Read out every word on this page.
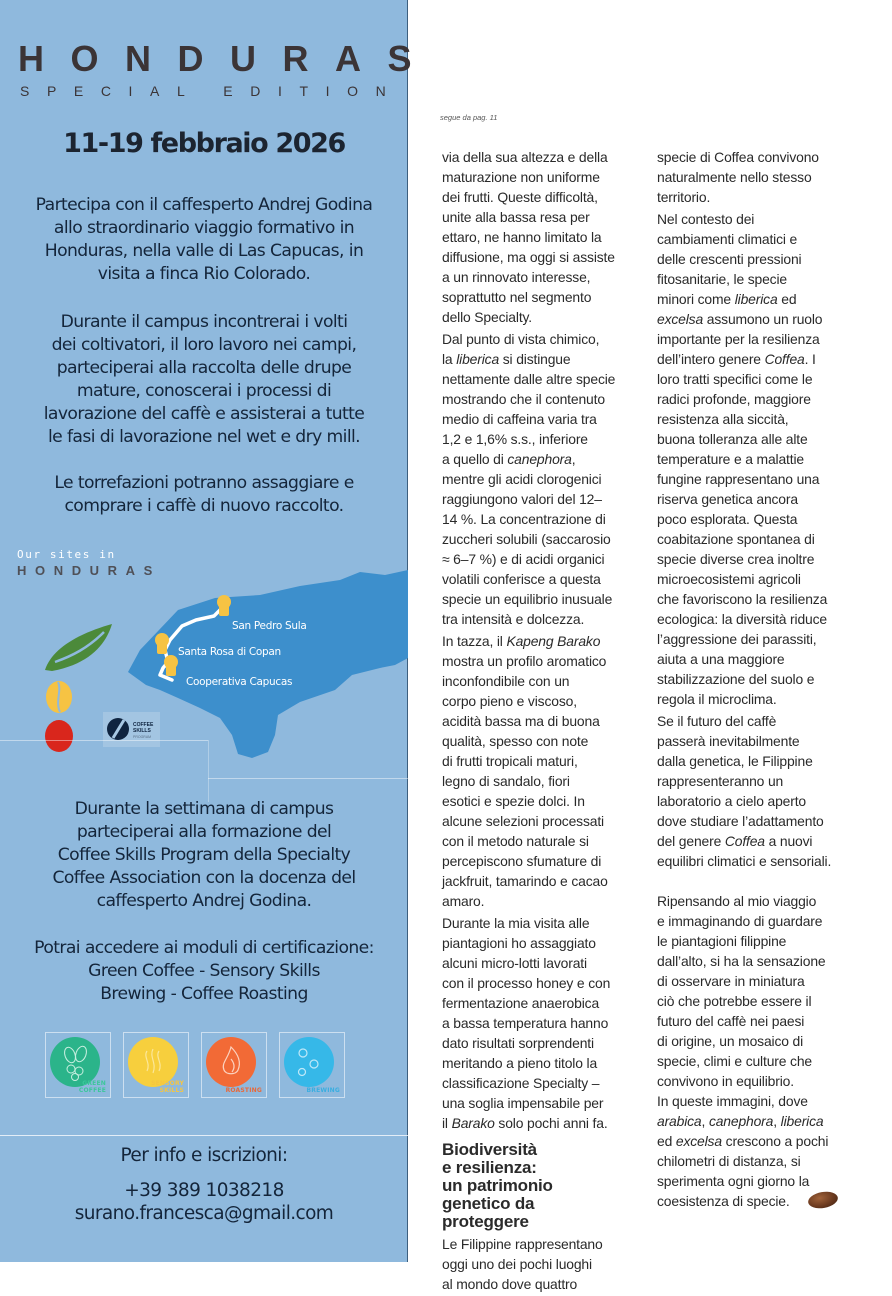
HONDURAS
SPECIAL EDITION
11-19 febbraio 2026
Partecipa con il caffesperto Andrej Godina
allo straordinario viaggio formativo in
Honduras, nella valle di Las Capucas, in
visita a finca Rio Colorado.
Durante il campus incontrerai i volti
dei coltivatori, il loro lavoro nei campi,
parteciperai alla raccolta delle drupe
mature, conoscerai i processi di
lavorazione del caffè e assisterai a tutte
le fasi di lavorazione nel wet e dry mill.
Le torrefazioni potranno assaggiare e
comprare i caffè di nuovo raccolto.
COFFEE
SKILLS
PROGRAM
Our sites in
HONDURAS
San Pedro Sula
Santa Rosa di Copan
Cooperativa Capucas
Durante la settimana di campus
parteciperai alla formazione del
Coffee Skills Program della Specialty
Coffee Association con la docenza del
caffesperto Andrej Godina.
Potrai accedere ai moduli di certificazione:
Green Coffee - Sensory Skills
Brewing - Coffee Roasting
GREEN
COFFEE
SENSORY
SKILLS	ROASTING	BREWING
Per info e iscrizioni:
+39 389 1038218
surano.francesca@gmail.com
segue da pag. 11

via della sua altezza e della
maturazione non uniforme
dei frutti. Queste difficoltà,
unite alla bassa resa per
ettaro, ne hanno limitato la
diffusione, ma oggi si assiste
a un rinnovato interesse,
soprattutto nel segmento
dello Specialty.

Dal punto di vista chimico,
la liberica si distingue
nettamente dalle altre specie
mostrando che il contenuto
medio di caffeina varia tra
1,2 e 1,6% s.s., inferiore
a quello di canephora,
mentre gli acidi clorogenici
raggiungono valori del 12–
14 %. La concentrazione di
zuccheri solubili (saccarosio
≈ 6–7 %) e di acidi organici
volatili conferisce a questa
specie un equilibrio inusuale
tra intensità e dolcezza.

In tazza, il Kapeng Barako
mostra un profilo aromatico
inconfondibile con un
corpo pieno e viscoso,
acidità bassa ma di buona
qualità, spesso con note
di frutti tropicali maturi,
legno di sandalo, fiori
esotici e spezie dolci. In
alcune selezioni processati
con il metodo naturale si
percepiscono sfumature di
jackfruit, tamarindo e cacao
amaro.

Durante la mia visita alle
piantagioni ho assaggiato
alcuni micro-lotti lavorati
con il processo honey e con
fermentazione anaerobica
a bassa temperatura hanno
dato risultati sorprendenti
meritando a pieno titolo la
classificazione Specialty –
una soglia impensabile per
il Barako solo pochi anni fa.

Biodiversità
e resilienza:
un patrimonio
genetico da
proteggere

Le Filippine rappresentano
oggi uno dei pochi luoghi
al mondo dove quattro

specie di Coffea convivono
naturalmente nello stesso
territorio.

Nel contesto dei
cambiamenti climatici e
delle crescenti pressioni
fitosanitarie, le specie
minori come liberica ed
excelsa assumono un ruolo
importante per la resilienza
dell’intero genere Coffea. I
loro tratti specifici come le
radici profonde, maggiore
resistenza alla siccità,
buona tolleranza alle alte
temperature e a malattie
fungine rappresentano una
riserva genetica ancora
poco esplorata. Questa
coabitazione spontanea di
specie diverse crea inoltre
microecosistemi agricoli
che favoriscono la resilienza
ecologica: la diversità riduce
l’aggressione dei parassiti,
aiuta a una maggiore
stabilizzazione del suolo e
regola il microclima.

Se il futuro del caffè
passerà inevitabilmente
dalla genetica, le Filippine
rappresenteranno un
laboratorio a cielo aperto
dove studiare l’adattamento
del genere Coffea a nuovi
equilibri climatici e sensoriali.

Ripensando al mio viaggio
e immaginando di guardare
le piantagioni filippine
dall’alto, si ha la sensazione
di osservare in miniatura
ciò che potrebbe essere il
futuro del caffè nei paesi
di origine, un mosaico di
specie, climi e culture che
convivono in equilibrio.
In queste immagini, dove
arabica, canephora, liberica
ed excelsa crescono a pochi
chilometri di distanza, si
sperimenta ogni giorno la
coesistenza di specie.
